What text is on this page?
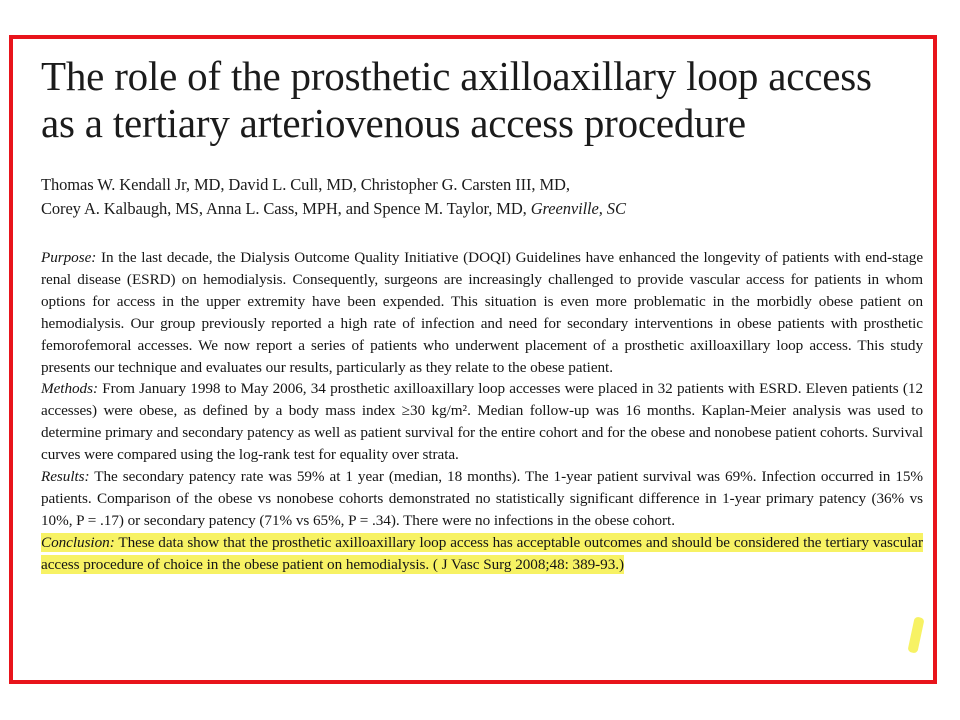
The role of the prosthetic axilloaxillary loop access
as a tertiary arteriovenous access procedure

Thomas W. Kendall Jr, MD, David L. Cull, MD, Christopher G. Carsten III, MD,
Corey A. Kalbaugh, MS, Anna L. Cass, MPH, and Spence M. Taylor, MD, Greenville, SC

Purpose: In the last decade, the Dialysis Outcome Quality Initiative (DOQI) Guidelines have enhanced the longevity of patients with end-stage renal disease (ESRD) on hemodialysis. Consequently, surgeons are increasingly challenged to provide vascular access for patients in whom options for access in the upper extremity have been expended. This situation is even more problematic in the morbidly obese patient on hemodialysis. Our group previously reported a high rate of infection and need for secondary interventions in obese patients with prosthetic femorofemoral accesses. We now report a series of patients who underwent placement of a prosthetic axilloaxillary loop access. This study presents our technique and evaluates our results, particularly as they relate to the obese patient.

Methods: From January 1998 to May 2006, 34 prosthetic axilloaxillary loop accesses were placed in 32 patients with ESRD. Eleven patients (12 accesses) were obese, as defined by a body mass index ≥30 kg/m². Median follow-up was 16 months. Kaplan-Meier analysis was used to determine primary and secondary patency as well as patient survival for the entire cohort and for the obese and nonobese patient cohorts. Survival curves were compared using the log-rank test for equality over strata.

Results: The secondary patency rate was 59% at 1 year (median, 18 months). The 1-year patient survival was 69%. Infection occurred in 15% patients. Comparison of the obese vs nonobese cohorts demonstrated no statistically significant difference in 1-year primary patency (36% vs 10%, P = .17) or secondary patency (71% vs 65%, P = .34). There were no infections in the obese cohort.

Conclusion: These data show that the prosthetic axilloaxillary loop access has acceptable outcomes and should be considered the tertiary vascular access procedure of choice in the obese patient on hemodialysis. ( J Vasc Surg 2008;48: 389-93.)
